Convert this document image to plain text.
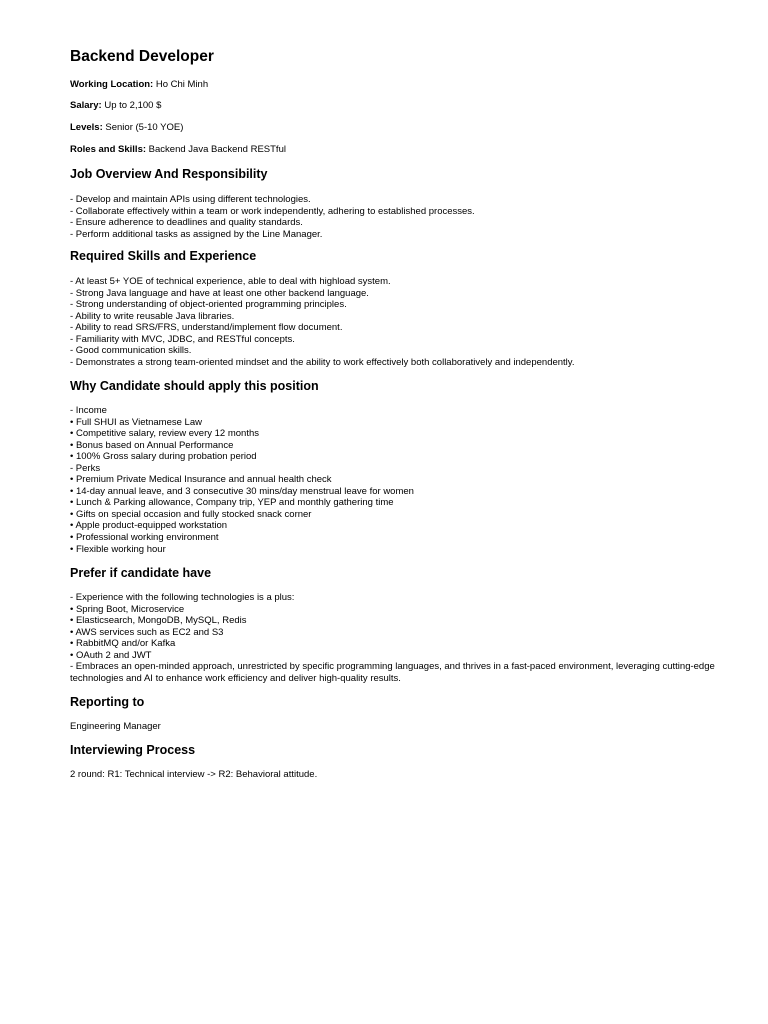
Backend Developer

Working Location: Ho Chi Minh

Salary: Up to 2,100 $

Levels: Senior (5-10 YOE)

Roles and Skills: Backend Java Backend RESTful

Job Overview And Responsibility
- Develop and maintain APIs using different technologies.
- Collaborate effectively within a team or work independently, adhering to established processes.
- Ensure adherence to deadlines and quality standards.
- Perform additional tasks as assigned by the Line Manager.
Required Skills and Experience
- At least 5+ YOE of technical experience, able to deal with highload system.
- Strong Java language and have at least one other backend language.
- Strong understanding of object-oriented programming principles.
- Ability to write reusable Java libraries.
- Ability to read SRS/FRS, understand/implement flow document.
- Familiarity with MVC, JDBC, and RESTful concepts.
- Good communication skills.
- Demonstrates a strong team-oriented mindset and the ability to work effectively both collaboratively and independently.
Why Candidate should apply this position
- Income
• Full SHUI as Vietnamese Law
• Competitive salary, review every 12 months
• Bonus based on Annual Performance
• 100% Gross salary during probation period
- Perks
• Premium Private Medical Insurance and annual health check
• 14-day annual leave, and 3 consecutive 30 mins/day menstrual leave for women
• Lunch & Parking allowance, Company trip, YEP and monthly gathering time
• Gifts on special occasion and fully stocked snack corner
• Apple product-equipped workstation
• Professional working environment
• Flexible working hour
Prefer if candidate have
- Experience with the following technologies is a plus:
• Spring Boot, Microservice
• Elasticsearch, MongoDB, MySQL, Redis
• AWS services such as EC2 and S3
• RabbitMQ and/or Kafka
• OAuth 2 and JWT
- Embraces an open-minded approach, unrestricted by specific programming languages, and thrives in a fast-paced environment, leveraging cutting-edge technologies and AI to enhance work efficiency and deliver high-quality results.
Reporting to

Engineering Manager

Interviewing Process

2 round: R1: Technical interview -> R2: Behavioral attitude.
